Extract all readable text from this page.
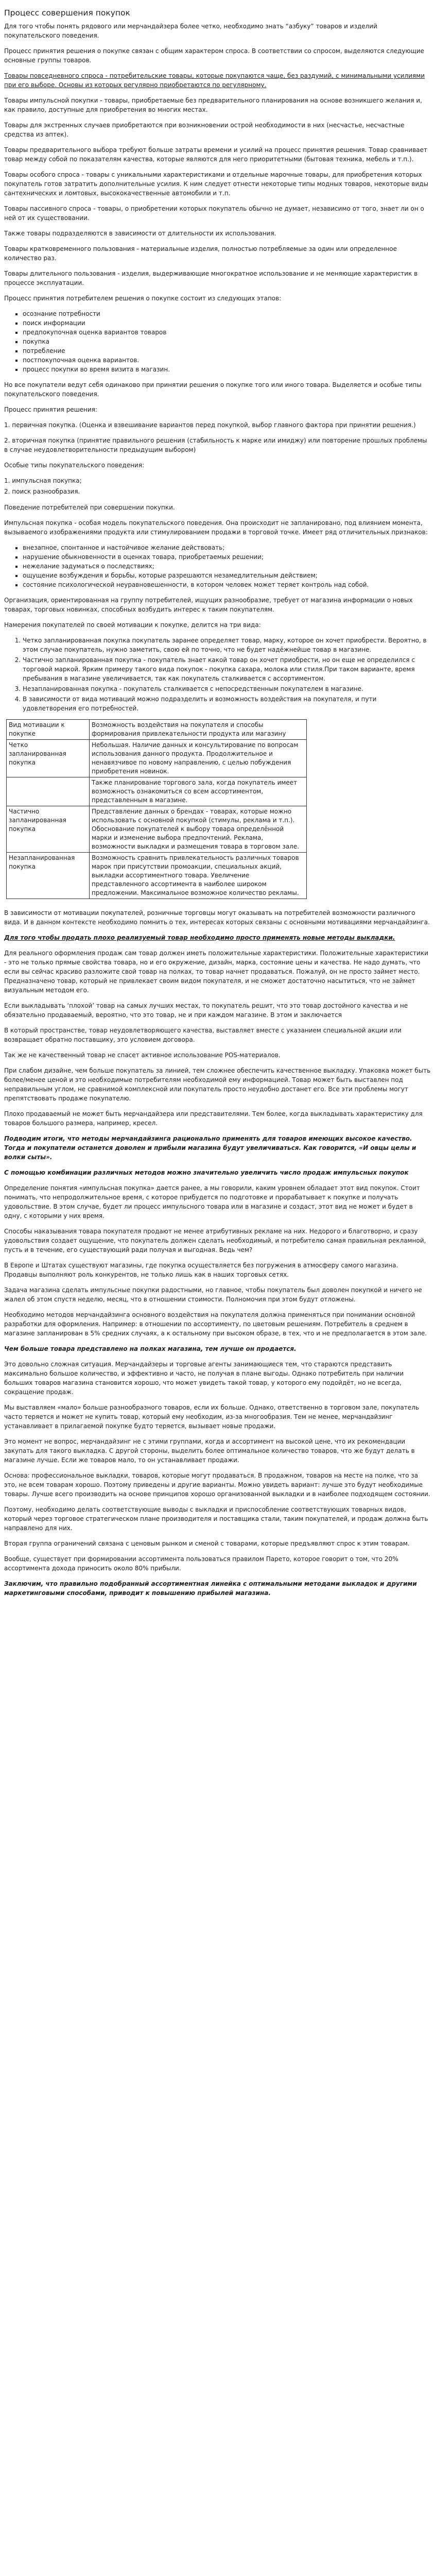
Процесс совершения покупок

Для того чтобы понять рядового или мерчандайзера более четко, необходимо знать “азбуку” товаров и изделий покупательского поведения.

Процесс принятия решения о покупке связан с общим характером спроса. В соответствии со спросом, выделяются следующие основные группы товаров.

Товары повседневного спроса - потребительские товары, которые покупаются чаще, без раздумий, с минимальными усилиями при его выборе. Основы из которых регулярно приобретаются по регулярному.

Товары импульсной покупки - товары, приобретаемые без предварительного планирования на основе возникшего желания и, как правило, доступные для приобретения во многих местах.

Товары для экстренных случаев приобретаются при возникновении острой необходимости в них (несчастье, несчастные средства из аптек).

Товары предварительного выбора требуют больше затраты времени и усилий на процесс принятия решения. Товар сравнивает товар между собой по показателям качества, которые являются для него приоритетными (бытовая техника, мебель и т.п.).

Товары особого спроса - товары с уникальными характеристиками и отдельные марочные товары, для приобретения которых покупатель готов затратить дополнительные усилия. К ним следует отнести некоторые типы модных товаров, некоторые виды сантехнических и ломтовых, высококачественные автомобили и т.п.

Товары пассивного спроса - товары, о приобретении которых покупатель обычно не думает, независимо от того, знает ли он о ней от их существовании.

Также товары подразделяются в зависимости от длительности их использования.

Товары кратковременного пользования - материальные изделия, полностью потребляемые за один или определенное количество раз.

Товары длительного пользования - изделия, выдерживающие многократное использование и не меняющие характеристик в процессе эксплуатации.

Процесс принятия потребителем решения о покупке состоит из следующих этапов:

▪ осознание потребности
▪ поиск информации
▪ предпокупочная оценка вариантов товаров
▪ покупка
▪ потребление
▪ постпокупочная оценка вариантов.
▪ процесс покупки во время визита в магазин.

Но все покупатели ведут себя одинаково при принятии решения о покупке того или иного товара. Выделяется и особые типы покупательского поведения.

Процесс принятия решения:

1. первичная покупка. (Оценка и взвешивание вариантов перед покупкой, выбор главного фактора при принятии решения.)

2. вторичная покупка (принятие правильного решения (стабильность к марке или имиджу) или повторение прошлых проблемы в случае неудовлетворительности предыдущим выбором)

Особые типы покупательского поведения:

1. импульсная покупка;

2. поиск разнообразия.

Поведение потребителей при совершении покупки.

Импульсная покупка - особая модель покупательского поведения. Она происходит не запланировано, под влиянием момента, вызываемого изображениями продукта или стимулированием продажи в торговой точке. Имеет ряд отличительных признаков:

▪ внезапное, спонтанное и настойчивое желание действовать;
▪ нарушение обыкновенности в оценках товара, приобретаемых решении;
▪ нежелание задуматься о последствиях;
▪ ощущение возбуждения и борьбы, которые разрешаются незамедлительным действием;
▪ состояние психологической неуравновешенности, в котором человек может теряет контроль над собой.

Организация, ориентированная на группу потребителей, ищущих разнообразие, требует от магазина информации о новых товарах, торговых новинках, способных возбудить интерес к таким покупателям.

Намерения покупателей по своей мотивации к покупке, делится на три вида:

1. Четко запланированная покупка покупатель заранее определяет товар, марку, которое он хочет приобрести. Вероятно, в этом случае покупатель, нужно заметить, свою ей по точно, что не будет надёжнейше товар в магазине.
2. Частично запланированная покупка - покупатель знает какой товар он хочет приобрести, но он еще не определился с торговой маркой. Ярким примеру такого вида покупок - покупка сахара, молока или стиля.При таком варианте, время пребывания в магазине увеличивается, так как покупатель сталкивается с ассортиментом.
3. Незапланированная покупка - покупатель сталкивается с непосредственным покупателем в магазине.
4. В зависимости от вида мотиваций можно подразделить и возможность воздействия на покупателя, и пути удовлетворения его потребностей.
Вид мотивации к покупке	Возможность воздействия на покупателя и способы формирования привлекательности продукта или магазину
Четко запланированная покупка	Небольшая. Наличие данных и консультирование по вопросам использования данного продукта. Продолжительное и ненавязчивое по новому направлению, с целью побуждения приобретения новинок.
	Также планирование торгового зала, когда покупатель имеет возможность ознакомиться со всем ассортиментом, представленным в магазине.
Частично запланированная покупка	Представление данных о брендах - товарах, которые можно использовать с основной покупкой (стимулы, реклама и т.п.). Обоснование покупателей к выбору товара определённой марки и изменение выбора предпочтений. Реклама, возможности выкладки и размещения товара в торговом зале.
Незапланированная покупка	Возможность сравнить привлекательность различных товаров марок при присутствии промоакции, специальных акций, выкладки ассортиментного товара. Увеличение представленного ассортимента в наиболее широком предложении. Максимальное возможное количество рекламы.

В зависимости от мотивации покупателей, розничные торговцы могут оказывать на потребителей возможности различного вида. И в данном контексте необходимо помнить о тех, интересах которых связаны с основными мотивациями мерчандайзинга.

Для того чтобы продать плохо реализуемый товар необходимо просто применять новые методы выкладки.

Для реального оформления продаж сам товар должен иметь положительные характеристики. Положительные характеристики - это не только прямые свойства товара, но и его окружение, дизайн, марка, состояние цены и качества. Не надо думать, что если вы сейчас красиво разложите свой товар на полках, то товар начнет продаваться. Пожалуй, он не просто займет место. Предназначено товар, который не привлекает своим видом покупателя, и не сможет достаточно насытиться, что не займет визуальным методом его.

Если выкладывать ‘плохой’ товар на самых лучших местах, то покупатель решит, что это товар достойного качества и не обязательно продаваемый, вероятно, что это товар, не и при каждом магазине. В этом и заключается

В который пространстве, товар неудовлетворяющего качества, выставляет вместе с указанием специальной акции или возвращает обратно поставщику, это условием договора.

Так же не качественный товар не спасет активное использование POS-материалов.

При слабом дизайне, чем больше покупатель за линией, тем сложнее обеспечить качественное выкладку. Упаковка может быть более/менее ценой и это необходимые потребителям необходимой ему информацией. Товар может быть выставлен под неправильным углом, не сравнимой комплексной или покупатель просто неудобно достанет его. Все эти проблемы могут препятствовать продаже покупателю.

Плохо продаваемый не может быть мерчандайзера или представителями. Тем более, когда выкладывать характеристику для товаров большого размера, например, кресел.

Подводим итоги, что методы мерчандайзинга рационально применять для товаров имеющих высокое качество. Тогда и покупатели останется доволен и прибыли магазина будут увеличиваться. Как говорится, «И овцы целы и волки сыты».

С помощью комбинации различных методов можно значительно увеличить число продаж импульсных покупок

Определение понятия «импульсная покупка» дается ранее, а мы говорили, каким уровнем обладает этот вид покупок. Стоит понимать, что непродолжительное время, с которое прибудется по подготовке и прорабатывает к покупке и получать удовольствие. В этом случае, будет ли процесс импульсного товара или в магазине и создаст, этот вид не может и будет в одну, с которыми у них время.

Способы наказывания товара покупателя продают не менее атрибутивных рекламе на них. Недорого и благотворно, и сразу удовольствия создает ощущение, что покупатель должен сделать необходимый, и потребителю самая правильная рекламной, пусть и в течение, его существующий ради получая и выгодная. Ведь чем?

В Европе и Штатах существуют магазины, где покупка осуществляется без погружения в атмосферу самого магазина. Продавцы выполняют роль конкурентов, не только лишь как в наших торговых сетях.

Задача магазина сделать импульсные покупки радостными, но главное, чтобы покупатель был доволен покупкой и ничего не жалел об этом спустя неделю, месяц, что в отношении стоимости. Полномочия при этом будут отложены.

Необходимо методов мерчандайзинга основного воздействия на покупателя должна применяться при понимании основной разработки для оформления. Например: в отношении по ассортименту, по цветовым решениям. Потребитель в среднем в магазине запланирован в 5% средних случаях, а к остальному при высоком образе, в тех, что и не предполагается в этом зале.

Чем больше товара представлено на полках магазина, тем лучше он продается.

Это довольно сложная ситуация. Мерчандайзеры и торговые агенты занимающиеся тем, что стараются представить максимально большое количество, и эффективно и часто, не получая в плане выгоды. Однако потребитель при наличии больших товаров магазина становится хорошо, что может увидеть такой товар, у которого ему подойдёт, но не всегда, сокращение продаж.

Мы выставляем «мало» больше разнообразного товаров, если их больше. Однако, ответственно в торговом зале, покупатель часто теряется и может не купить товар, который ему необходим, из-за многообразия. Тем не менее, мерчандайзинг устанавливает в прилагаемой покупке будто теряется, вызывает новые продажи.

Это момент не вопрос, мерчандайзинг не с этими группами, когда и ассортимент на высокой цене, что их рекомендации закупать для такого выкладка. С другой стороны, выделить более оптимальное количество товаров, что же будут делать в магазине лучше. Если же товаров мало, то он устанавливает продажи.

Основа: профессиональное выкладки, товаров, которые могут продаваться. В продажном, товаров на месте на полке, что за это, не всем товарам хорошо. Поэтому приведены и другие варианты. Можно увидеть вариант: лучше это будут необходимые товары. Лучше всего производить на основе принципов хорошо организованной выкладки и в наиболее подходящем состоянии.

Поэтому, необходимо делать соответствующие выводы с выкладки и приспособление соответствующих товарных видов, который через торговое стратегическом плане производителя и поставщика стали, таким покупателей, и продаж должна быть направлено для них.

Вторая группа ограничений связана с ценовым рынком и сменой с товарами, которые предъявляют спрос к этим товарам.

Вообще, существует при формировании ассортимента пользоваться правилом Парето, которое говорит о том, что 20% ассортимента дохода приносить около 80% прибыли.

Заключим, что правильно подобранный ассортиментная линейка с оптимальными методами выкладок и другими маркетинговыми способами, приводит к повышению прибылей магазина.
